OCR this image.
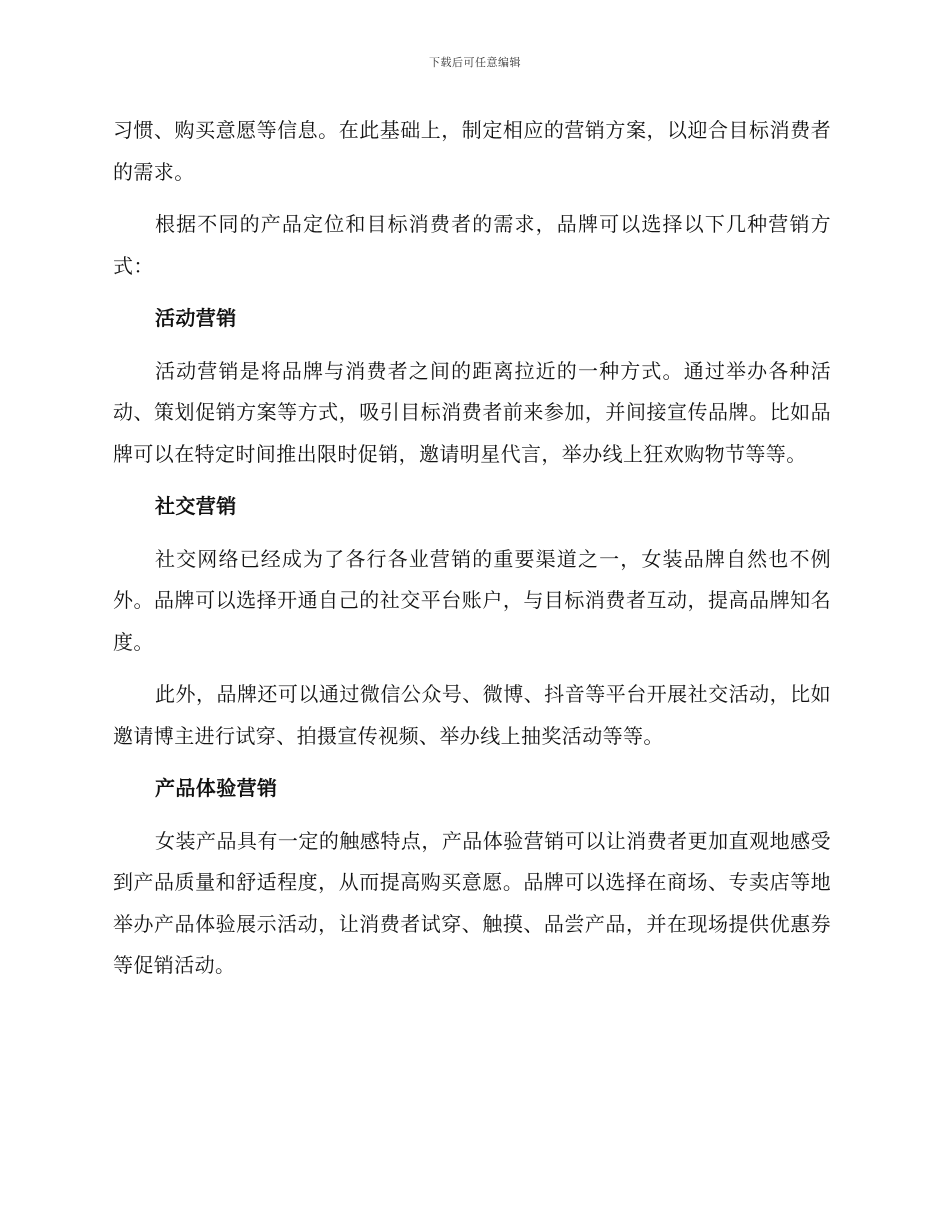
下载后可任意编辑

习惯、购买意愿等信息。在此基础上，制定相应的营销方案，以迎合目标消费者的需求。

根据不同的产品定位和目标消费者的需求，品牌可以选择以下几种营销方式：

活动营销

活动营销是将品牌与消费者之间的距离拉近的一种方式。通过举办各种活动、策划促销方案等方式，吸引目标消费者前来参加，并间接宣传品牌。比如品牌可以在特定时间推出限时促销，邀请明星代言，举办线上狂欢购物节等等。

社交营销

社交网络已经成为了各行各业营销的重要渠道之一，女装品牌自然也不例外。品牌可以选择开通自己的社交平台账户，与目标消费者互动，提高品牌知名度。

此外，品牌还可以通过微信公众号、微博、抖音等平台开展社交活动，比如邀请博主进行试穿、拍摄宣传视频、举办线上抽奖活动等等。

产品体验营销

女装产品具有一定的触感特点，产品体验营销可以让消费者更加直观地感受到产品质量和舒适程度，从而提高购买意愿。品牌可以选择在商场、专卖店等地举办产品体验展示活动，让消费者试穿、触摸、品尝产品，并在现场提供优惠券等促销活动。
